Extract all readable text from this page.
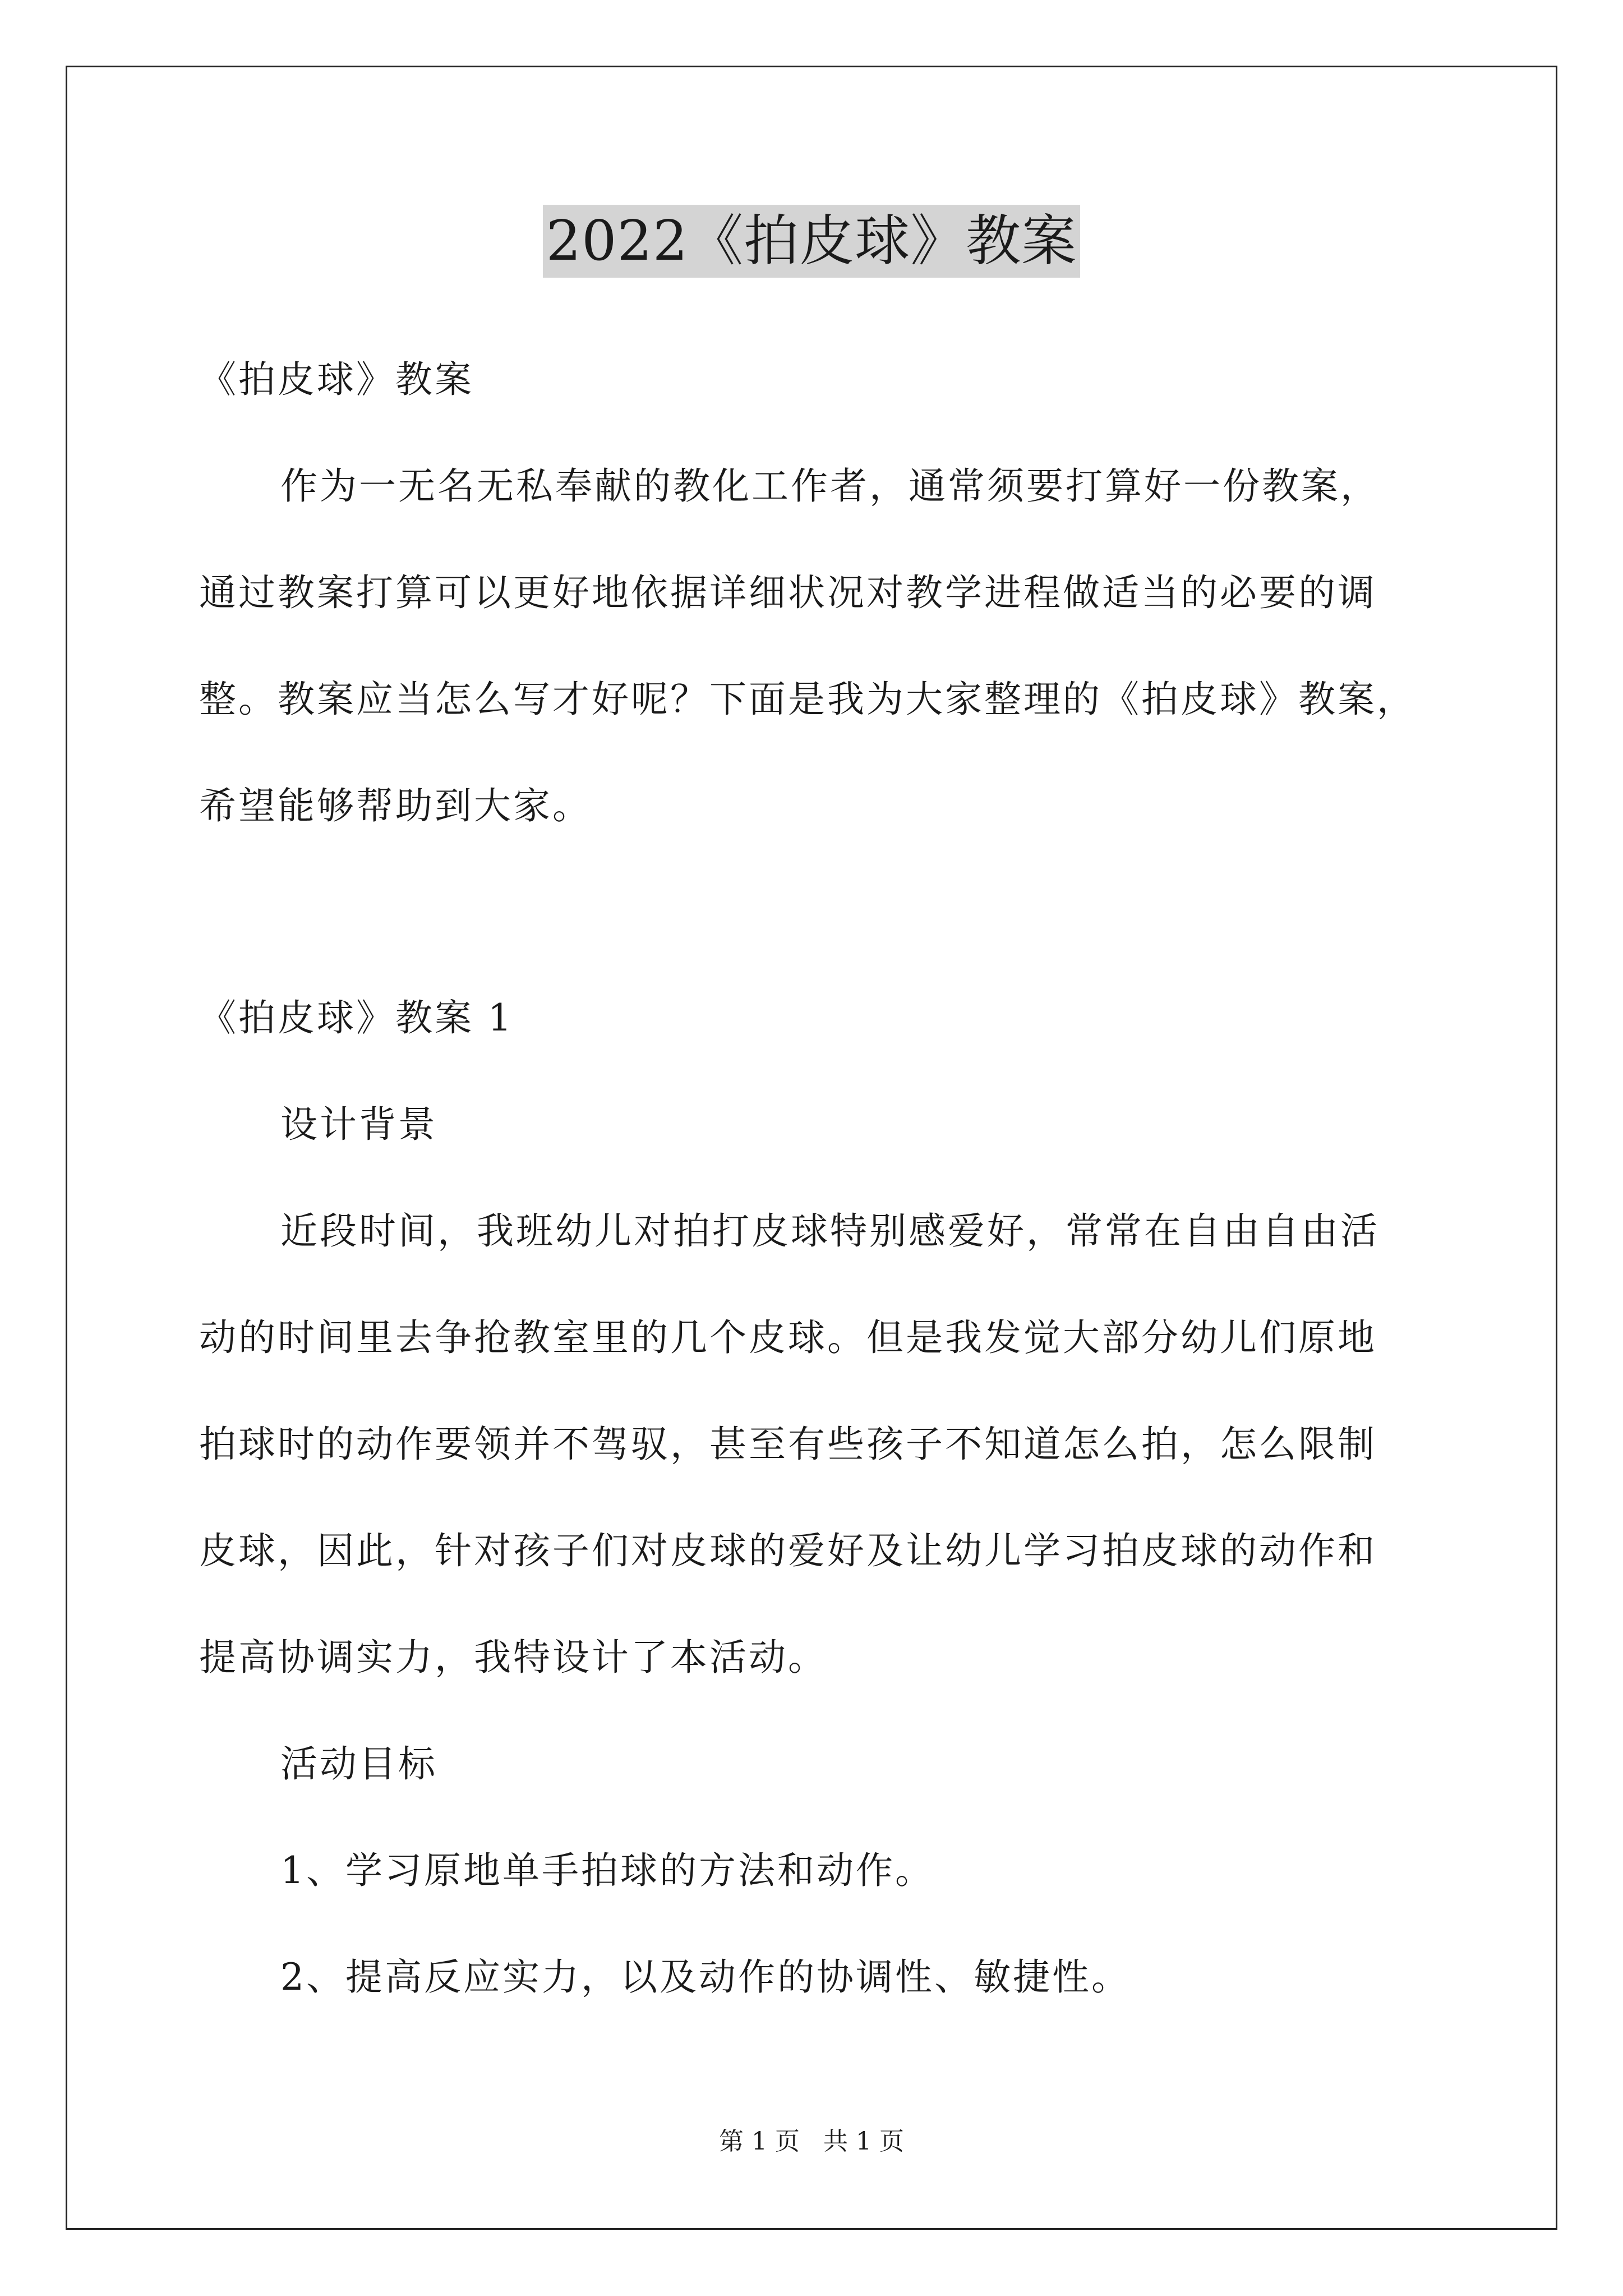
2022《拍皮球》教案
《拍皮球》教案
作为一无名无私奉献的教化工作者，通常须要打算好一份教案，
通过教案打算可以更好地依据详细状况对教学进程做适当的必要的调
整。教案应当怎么写才好呢？下面是我为大家整理的《拍皮球》教案，
希望能够帮助到大家。
《拍皮球》教案 1
设计背景
近段时间，我班幼儿对拍打皮球特别感爱好，常常在自由自由活
动的时间里去争抢教室里的几个皮球。但是我发觉大部分幼儿们原地
拍球时的动作要领并不驾驭，甚至有些孩子不知道怎么拍，怎么限制
皮球，因此，针对孩子们对皮球的爱好及让幼儿学习拍皮球的动作和
提高协调实力，我特设计了本活动。
活动目标
1、学习原地单手拍球的方法和动作。
2、提高反应实力，以及动作的协调性、敏捷性。
第 1 页   共 1 页
